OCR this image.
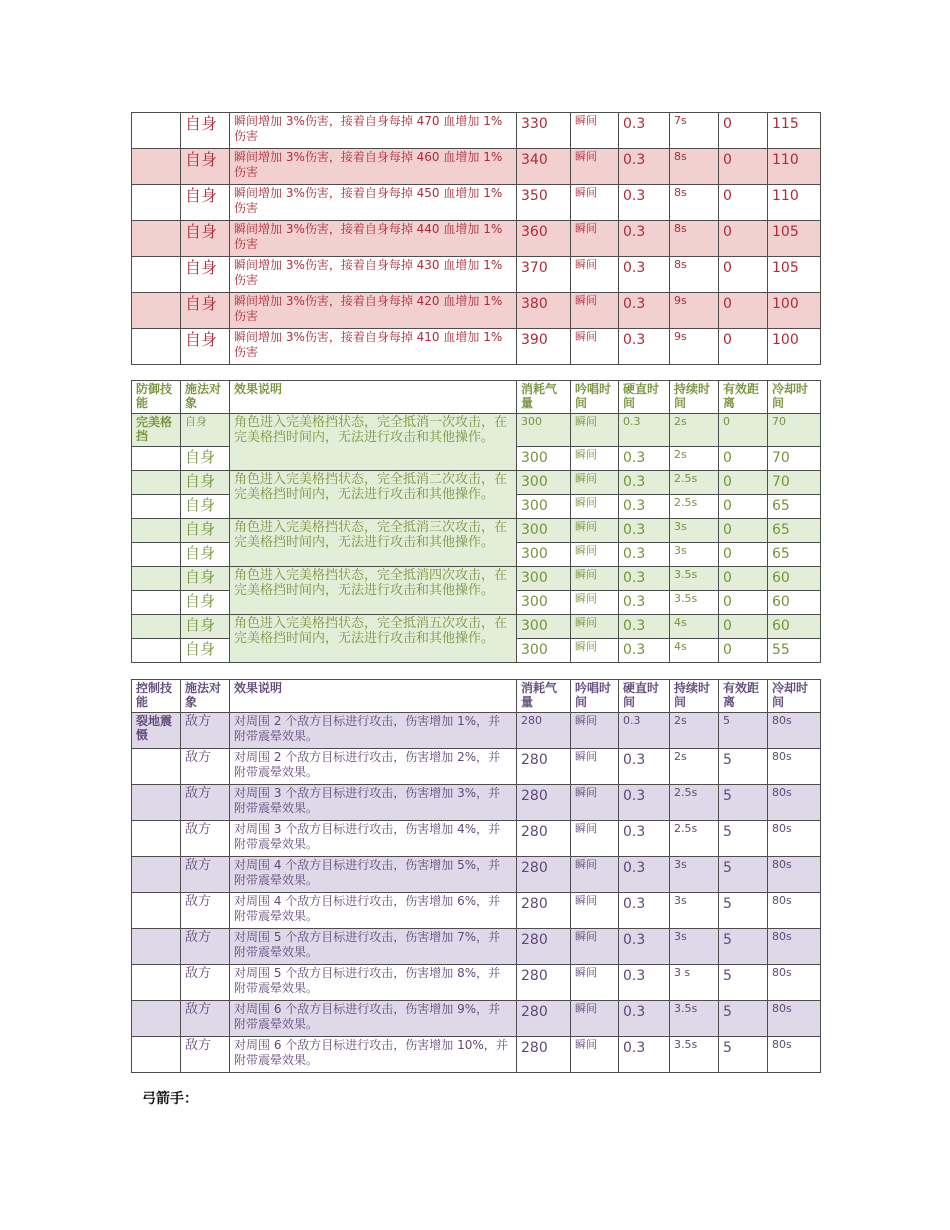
	自身	瞬间增加 3%伤害，接着自身每掉 470 血增加 1%伤害	330	瞬间	0.3	7s	0	115
	自身	瞬间增加 3%伤害，接着自身每掉 460 血增加 1%伤害	340	瞬间	0.3	8s	0	110
	自身	瞬间增加 3%伤害，接着自身每掉 450 血增加 1%伤害	350	瞬间	0.3	8s	0	110
	自身	瞬间增加 3%伤害，接着自身每掉 440 血增加 1%伤害	360	瞬间	0.3	8s	0	105
	自身	瞬间增加 3%伤害，接着自身每掉 430 血增加 1%伤害	370	瞬间	0.3	8s	0	105
	自身	瞬间增加 3%伤害，接着自身每掉 420 血增加 1%伤害	380	瞬间	0.3	9s	0	100
	自身	瞬间增加 3%伤害，接着自身每掉 410 血增加 1%伤害	390	瞬间	0.3	9s	0	100
防御技能	施法对象	效果说明	消耗气量	吟唱时间	硬直时间	持续时间	有效距离	冷却时间
完美格挡	自身	角色进入完美格挡状态，完全抵消一次攻击，在完美格挡时间内，无法进行攻击和其他操作。	300	瞬间	0.3	2s	0	70
	自身		300	瞬间	0.3	2s	0	70
	自身	角色进入完美格挡状态，完全抵消二次攻击，在完美格挡时间内，无法进行攻击和其他操作。	300	瞬间	0.3	2.5s	0	70
	自身		300	瞬间	0.3	2.5s	0	65
	自身	角色进入完美格挡状态，完全抵消三次攻击，在完美格挡时间内，无法进行攻击和其他操作。	300	瞬间	0.3	3s	0	65
	自身		300	瞬间	0.3	3s	0	65
	自身	角色进入完美格挡状态，完全抵消四次攻击，在完美格挡时间内，无法进行攻击和其他操作。	300	瞬间	0.3	3.5s	0	60
	自身		300	瞬间	0.3	3.5s	0	60
	自身	角色进入完美格挡状态，完全抵消五次攻击，在完美格挡时间内，无法进行攻击和其他操作。	300	瞬间	0.3	4s	0	60
	自身		300	瞬间	0.3	4s	0	55
控制技能	施法对象	效果说明	消耗气量	吟唱时间	硬直时间	持续时间	有效距离	冷却时间
裂地震慑	敌方	对周围 2 个敌方目标进行攻击，伤害增加 1%，并附带震晕效果。	280	瞬间	0.3	2s	5	80s
	敌方	对周围 2 个敌方目标进行攻击，伤害增加 2%，并附带震晕效果。	280	瞬间	0.3	2s	5	80s
	敌方	对周围 3 个敌方目标进行攻击，伤害增加 3%，并附带震晕效果。	280	瞬间	0.3	2.5s	5	80s
	敌方	对周围 3 个敌方目标进行攻击，伤害增加 4%，并附带震晕效果。	280	瞬间	0.3	2.5s	5	80s
	敌方	对周围 4 个敌方目标进行攻击，伤害增加 5%，并附带震晕效果。	280	瞬间	0.3	3s	5	80s
	敌方	对周围 4 个敌方目标进行攻击，伤害增加 6%，并附带震晕效果。	280	瞬间	0.3	3s	5	80s
	敌方	对周围 5 个敌方目标进行攻击，伤害增加 7%，并附带震晕效果。	280	瞬间	0.3	3s	5	80s
	敌方	对周围 5 个敌方目标进行攻击，伤害增加 8%，并附带震晕效果。	280	瞬间	0.3	3 s	5	80s
	敌方	对周围 6 个敌方目标进行攻击，伤害增加 9%，并附带震晕效果。	280	瞬间	0.3	3.5s	5	80s
	敌方	对周围 6 个敌方目标进行攻击，伤害增加 10%，并附带震晕效果。	280	瞬间	0.3	3.5s	5	80s
弓箭手：
